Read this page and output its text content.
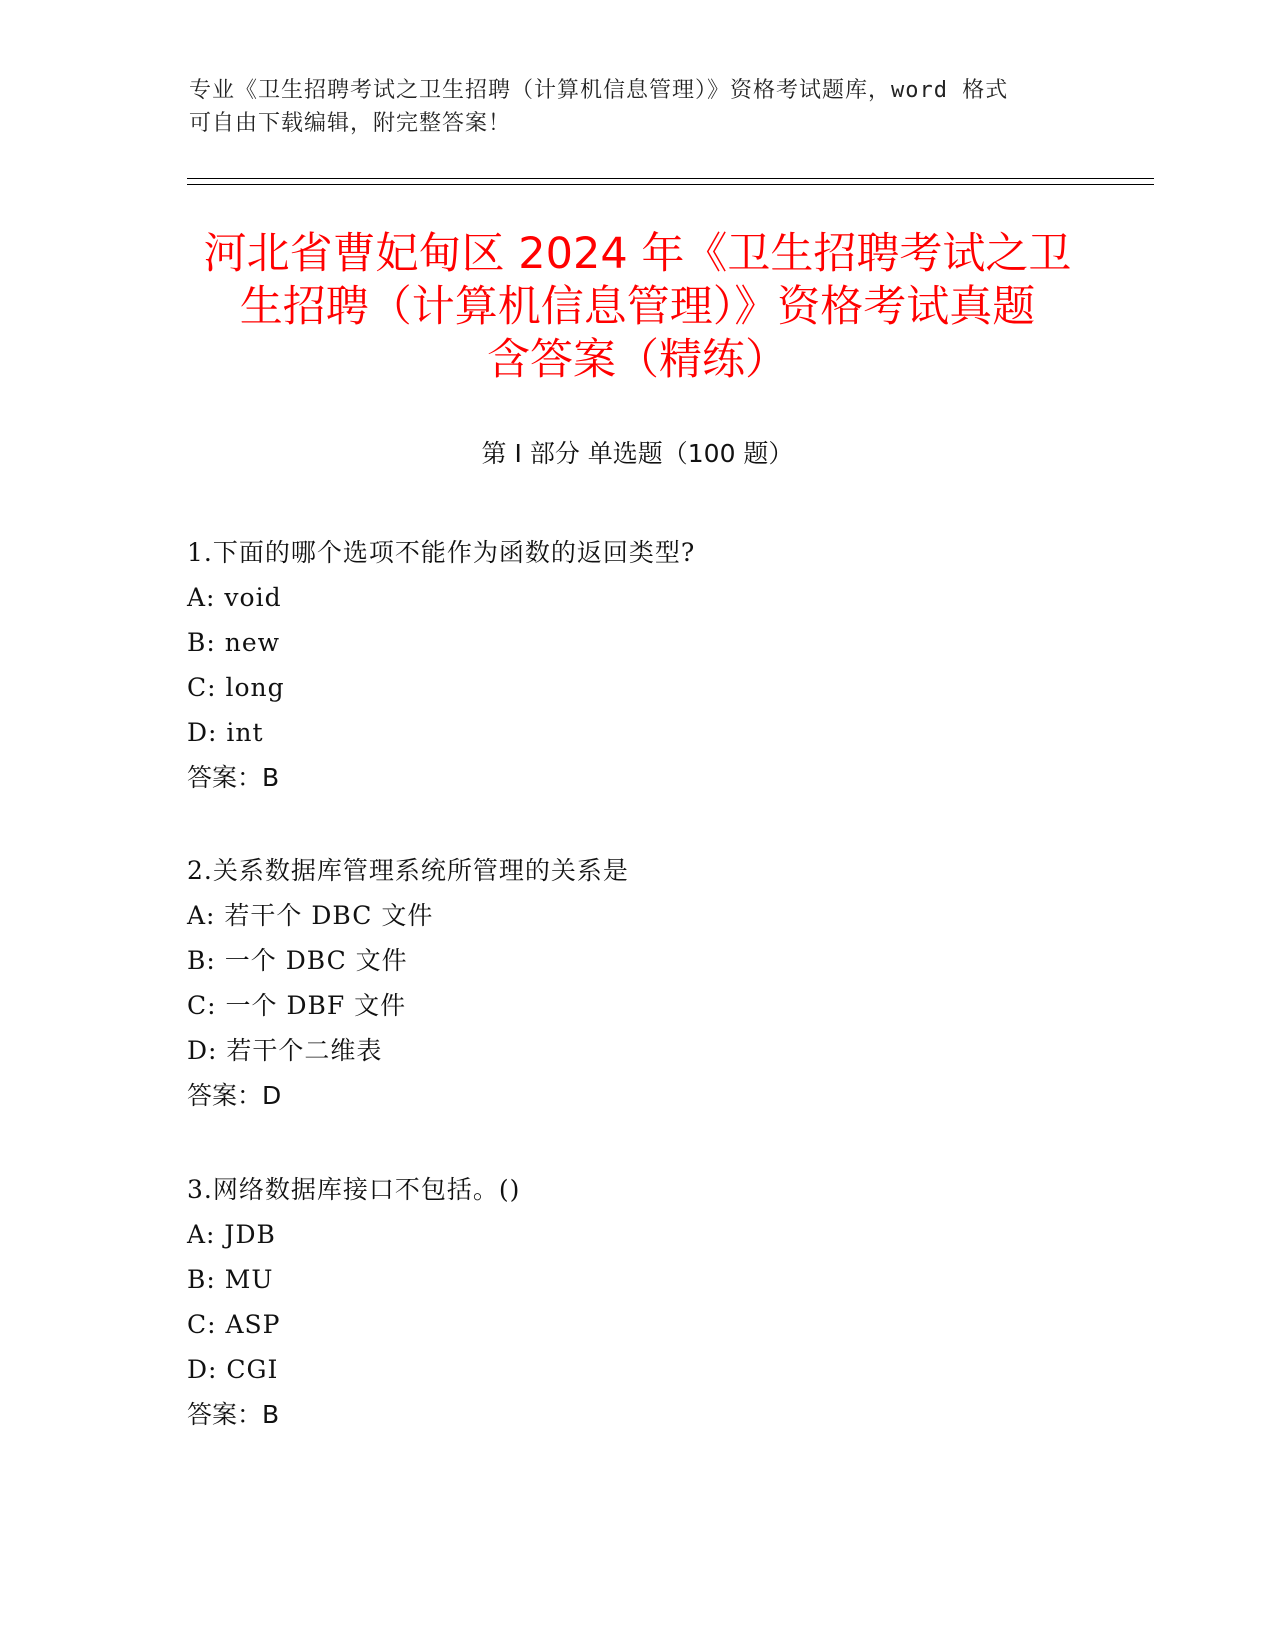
专业《卫生招聘考试之卫生招聘（计算机信息管理）》资格考试题库，word 格式
可自由下载编辑，附完整答案！
河北省曹妃甸区 2024 年《卫生招聘考试之卫
生招聘（计算机信息管理）》资格考试真题
含答案（精练）
第 I 部分 单选题（100 题）
1.下面的哪个选项不能作为函数的返回类型?
A: void
B: new
C: long
D: int
答案：B
2.关系数据库管理系统所管理的关系是
A: 若干个 DBC 文件
B: 一个 DBC 文件
C: 一个 DBF 文件
D: 若干个二维表
答案：D
3.网络数据库接口不包括。()
A: JDB
B: MU
C: ASP
D: CGI
答案：B
